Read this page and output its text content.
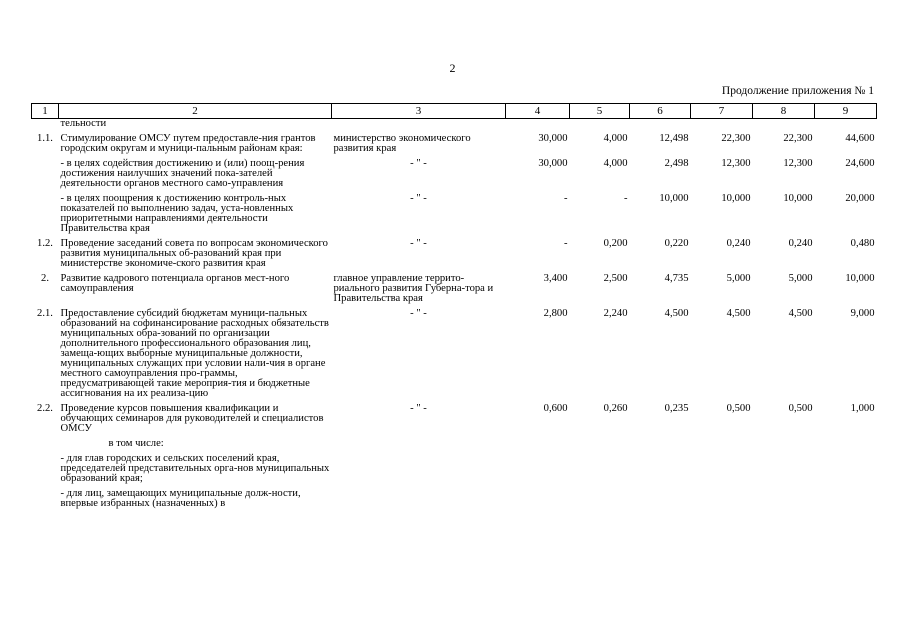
2
Продолжение приложения № 1
1	2	3	4	5	6	7	8	9
	тельности							
1.1.	Стимулирование ОМСУ путем предоставле-ния грантов городским округам и муници-пальным районам края:	министерство экономического развития края	30,000	4,000	12,498	22,300	22,300	44,600
	- в целях содействия достижению и (или) поощ-рения достижения наилучших значений пока-зателей деятельности органов местного само-управления	- " -	30,000	4,000	2,498	12,300	12,300	24,600
	- в целях поощрения к достижению контроль-ных показателей по выполнению задач, уста-новленных приоритетными направлениями деятельности Правительства края	- " -	-	-	10,000	10,000	10,000	20,000
1.2.	Проведение заседаний совета по вопросам экономического развития муниципальных об-разований края при министерстве экономиче-ского развития края	- " -	-	0,200	0,220	0,240	0,240	0,480
2.	Развитие кадрового потенциала органов мест-ного самоуправления	главное управление террито-риального развития Губерна-тора и Правительства края	3,400	2,500	4,735	5,000	5,000	10,000
2.1.	Предоставление субсидий бюджетам муници-пальных образований на софинансирование расходных обязательств муниципальных обра-зований по организации дополнительного профессионального образования лиц, замеща-ющих выборные муниципальные должности, муниципальных служащих при условии нали-чия в органе местного самоуправления про-граммы, предусматривающей такие мероприя-тия и бюджетные ассигнования на их реализа-цию	- " -	2,800	2,240	4,500	4,500	4,500	9,000
2.2.	Проведение курсов повышения квалификации и обучающих семинаров для руководителей и специалистов ОМСУ	- " -	0,600	0,260	0,235	0,500	0,500	1,000
	в том числе:							
	- для глав городских и сельских поселений края, председателей представительных орга-нов муниципальных образований края;							
	- для лиц, замещающих муниципальные долж-ности, впервые избранных (назначенных) в							
